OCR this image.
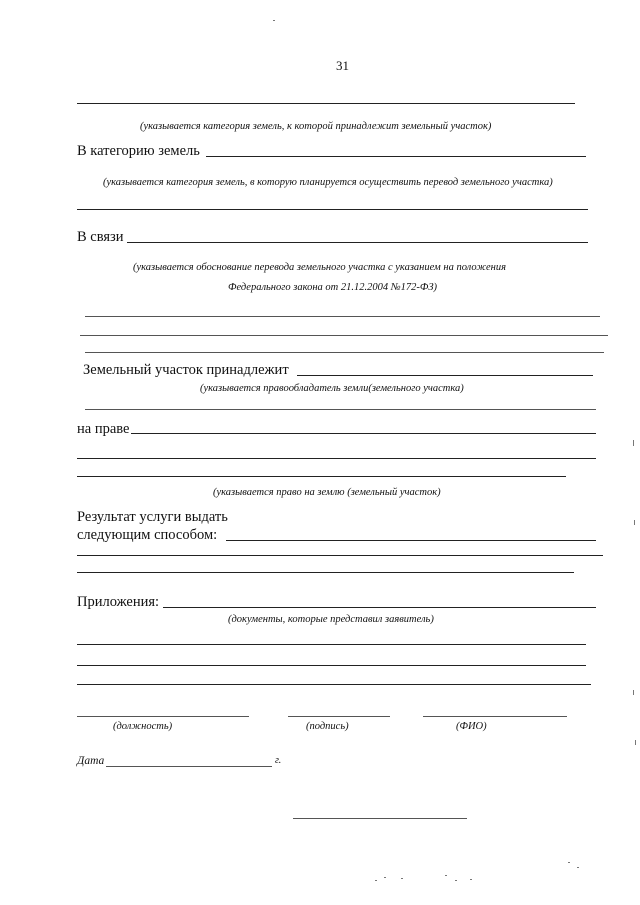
31
(указывается категория земель, к которой принадлежит земельный участок)
В категорию земель
(указывается категория земель, в которую планируется осуществить перевод земельного участка)
В связи
(указывается обоснование перевода земельного участка с указанием на положения
Федерального закона от 21.12.2004 №172-ФЗ)
Земельный участок принадлежит
(указывается правообладатель земли(земельного участка)
на праве
(указывается право на землю (земельный участок)
Результат услуги выдать
следующим способом:
Приложения:
(документы, которые представил заявитель)
(должность)	(подпись)	(ФИО)
Дата	г.
